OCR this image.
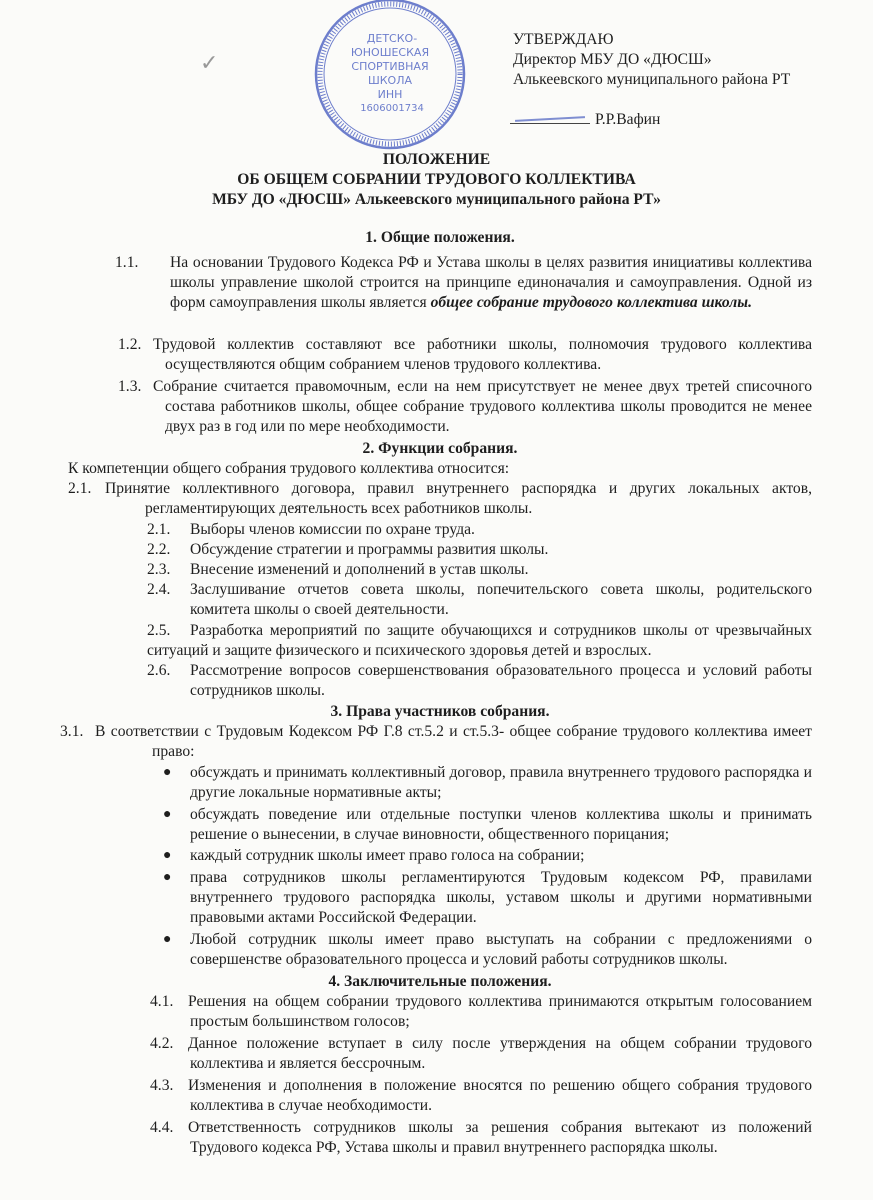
УТВЕРЖДАЮ
Директор МБУ ДО «ДЮСШ»
Алькеевского муниципального района РТ
Р.Р.Вафин
✓
ДЕТСКО-
ЮНОШЕСКАЯ
СПОРТИВНАЯ
ШКОЛА
ИНН
1606001734
ПОЛОЖЕНИЕ
ОБ ОБЩЕМ СОБРАНИИ ТРУДОВОГО КОЛЛЕКТИВА
МБУ ДО «ДЮСШ» Алькеевского муниципального района РТ»
1. Общие положения.
1.1. На основании Трудового Кодекса РФ и Устава школы в целях развития инициативы коллектива школы управление школой строится на принципе единоначалия и самоуправления. Одной из форм самоуправления школы является общее собрание трудового коллектива школы.
1.2. Трудовой коллектив составляют все работники школы, полномочия трудового коллектива осуществляются общим собранием членов трудового коллектива.
1.3. Собрание считается правомочным, если на нем присутствует не менее двух третей списочного состава работников школы, общее собрание трудового коллектива школы проводится не менее двух раз в год или по мере необходимости.
2. Функции собрания.
К компетенции общего собрания трудового коллектива относится:
2.1. Принятие коллективного договора, правил внутреннего распорядка и других локальных актов, регламентирующих деятельность всех работников школы.
2.1. Выборы членов комиссии по охране труда.
2.2. Обсуждение стратегии и программы развития школы.
2.3. Внесение изменений и дополнений в устав школы.
2.4. Заслушивание отчетов совета школы, попечительского совета школы, родительского комитета школы о своей деятельности.
2.5. Разработка мероприятий по защите обучающихся и сотрудников школы от чрезвычайных ситуаций и защите физического и психического здоровья детей и взрослых.
2.6. Рассмотрение вопросов совершенствования образовательного процесса и условий работы сотрудников школы.
3. Права участников собрания.
3.1. В соответствии с Трудовым Кодексом РФ Г.8 ст.5.2 и ст.5.3- общее собрание трудового коллектива имеет право:
● обсуждать и принимать коллективный договор, правила внутреннего трудового распорядка и другие локальные нормативные акты;
● обсуждать поведение или отдельные поступки членов коллектива школы и принимать решение о вынесении, в случае виновности, общественного порицания;
● каждый сотрудник школы имеет право голоса на собрании;
● права сотрудников школы регламентируются Трудовым кодексом РФ, правилами внутреннего трудового распорядка школы, уставом школы и другими нормативными правовыми актами Российской Федерации.
● Любой сотрудник школы имеет право выступать на собрании с предложениями о совершенстве образовательного процесса и условий работы сотрудников школы.
4. Заключительные положения.
4.1. Решения на общем собрании трудового коллектива принимаются открытым голосованием простым большинством голосов;
4.2. Данное положение вступает в силу после утверждения на общем собрании трудового коллектива и является бессрочным.
4.3. Изменения и дополнения в положение вносятся по решению общего собрания трудового коллектива в случае необходимости.
4.4. Ответственность сотрудников школы за решения собрания вытекают из положений Трудового кодекса РФ, Устава школы и правил внутреннего распорядка школы.
